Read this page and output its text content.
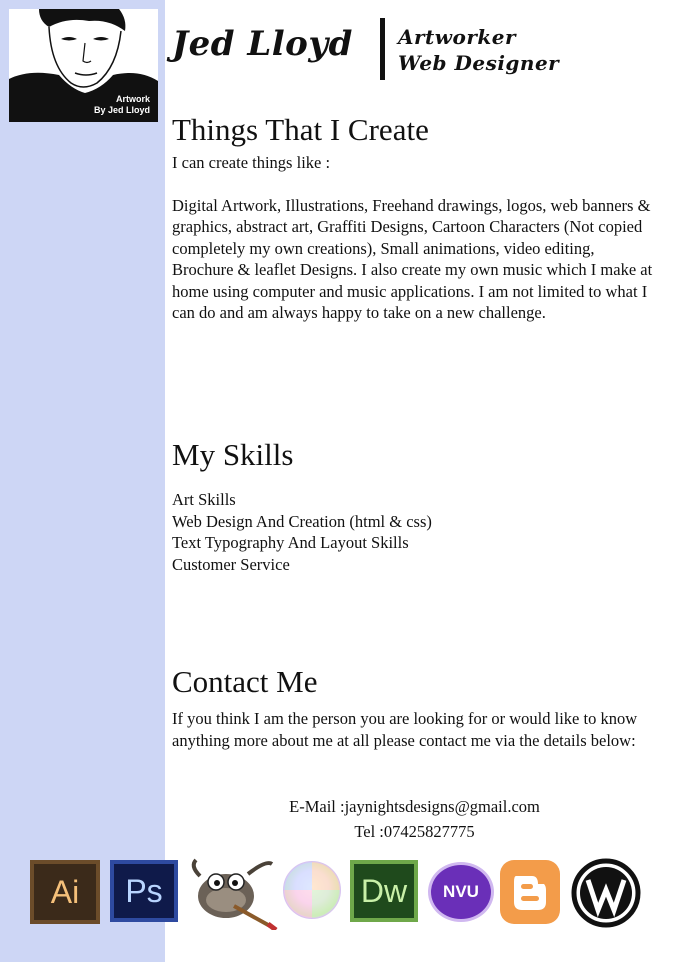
Artwork
By Jed Lloyd
Jed Lloyd Artworker
Web Designer
Things That I Create

I can create things like :

Digital Artwork, Illustrations, Freehand drawings, logos, web banners & graphics, abstract art, Graffiti Designs, Cartoon Characters (Not copied completely my own creations), Small animations, video editing, Brochure & leaflet Designs. I also create my own music which I make at home using computer and music applications. I am not limited to what I can do and am always happy to take on a new challenge.

My Skills
Art Skills
Web Design And Creation (html & css)
Text Typography And Layout Skills
Customer Service
Contact Me

If you think I am the person you are looking for or would like to know anything more about me at all please contact me via the details below:

E-Mail :jaynightsdesigns@gmail.com
Tel :07425827775
Ai Ps	Dw NVU
